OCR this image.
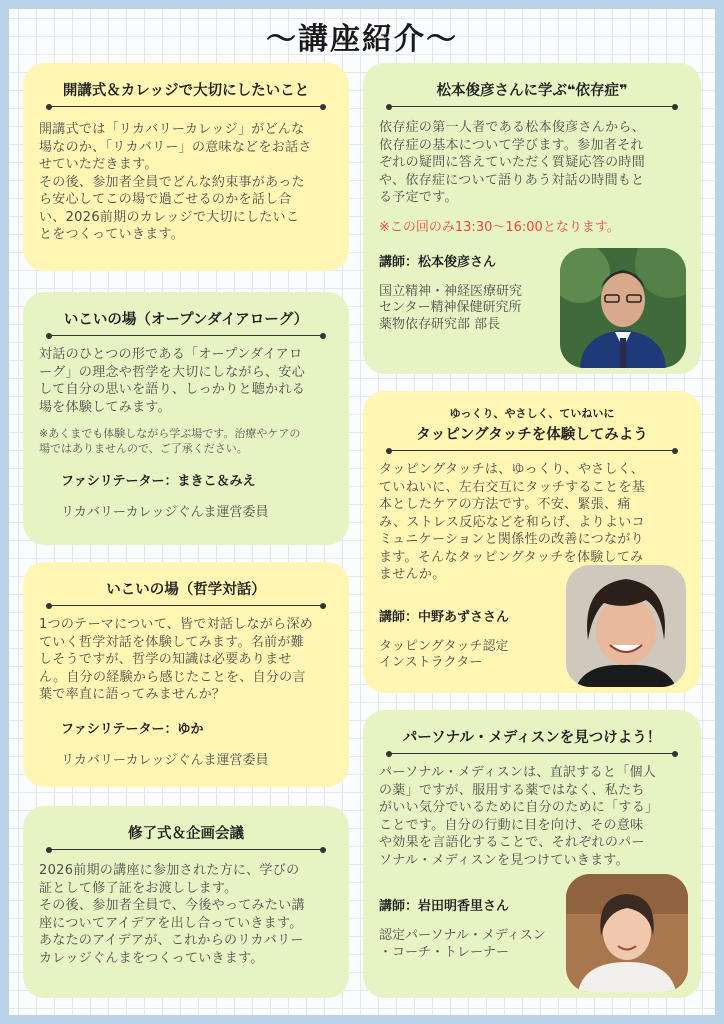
〜講座紹介〜
開講式＆カレッジで大切にしたいこと
開講式では「リカバリーカレッジ」がどんな
場なのか、「リカバリー」の意味などをお話さ
せていただきます。
その後、参加者全員でどんな約束事があった
ら安心してこの場で過ごせるのかを話し合
い、2026前期のカレッジで大切にしたいこ
とをつくっていきます。
いこいの場（オープンダイアローグ）
対話のひとつの形である「オープンダイアロ
ーグ」の理念や哲学を大切にしながら、安心
して自分の思いを語り、しっかりと聴かれる
場を体験してみます。
※あくまでも体験しながら学ぶ場です。治療やケアの
場ではありませんので、ご了承ください。
ファシリテーター：まきこ＆みえ
リカバリーカレッジぐんま運営委員
いこいの場（哲学対話）
1つのテーマについて、皆で対話しながら深め
ていく哲学対話を体験してみます。名前が難
しそうですが、哲学の知識は必要ありませ
ん。自分の経験から感じたことを、自分の言
葉で率直に語ってみませんか？
ファシリテーター：ゆか
リカバリーカレッジぐんま運営委員
修了式＆企画会議
2026前期の講座に参加された方に、学びの
証として修了証をお渡しします。
その後、参加者全員で、今後やってみたい講
座についてアイデアを出し合っていきます。
あなたのアイデアが、これからのリカバリー
カレッジぐんまをつくっていきます。
松本俊彦さんに学ぶ❝依存症❞
依存症の第一人者である松本俊彦さんから、
依存症の基本について学びます。参加者それ
ぞれの疑問に答えていただく質疑応答の時間
や、依存症について語りあう対話の時間もと
る予定です。
※この回のみ13:30〜16:00となります。
講師：松本俊彦さん
国立精神・神経医療研究
センター精神保健研究所
薬物依存研究部 部長
ゆっくり、やさしく、ていねいに
タッピングタッチを体験してみよう
タッピングタッチは、ゆっくり、やさしく、
ていねいに、左右交互にタッチすることを基
本としたケアの方法です。不安、緊張、痛
み、ストレス反応などを和らげ、よりよいコ
ミュニケーションと関係性の改善につながり
ます。そんなタッピングタッチを体験してみ
ませんか。
講師：中野あずささん
タッピングタッチ認定
インストラクター
パーソナル・メディスンを見つけよう！
パーソナル・メディスンは、直訳すると「個人
の薬」ですが、服用する薬ではなく、私たち
がいい気分でいるために自分のために「する」
ことです。自分の行動に目を向け、その意味
や効果を言語化することで、それぞれのパー
ソナル・メディスンを見つけていきます。
講師：岩田明香里さん
認定パーソナル・メディスン
・コーチ・トレーナー
